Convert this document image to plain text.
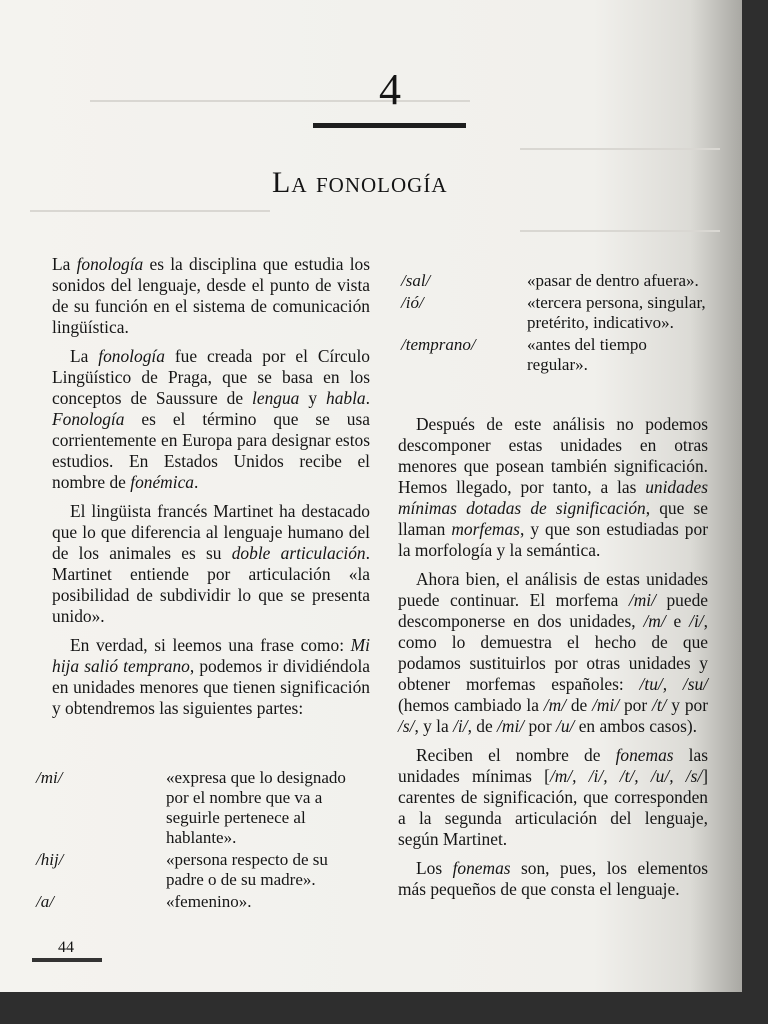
4
La fonología

La fonología es la disciplina que estudia los sonidos del lenguaje, desde el punto de vista de su función en el sistema de comunicación lingüística.

La fonología fue creada por el Círculo Lingüístico de Praga, que se basa en los conceptos de Saussure de lengua y habla. Fonología es el término que se usa corrientemente en Europa para designar estos estudios. En Estados Unidos recibe el nombre de fonémica.

El lingüista francés Martinet ha destacado que lo que diferencia al lenguaje humano del de los animales es su doble articulación. Martinet entiende por articulación «la posibilidad de subdividir lo que se presenta unido».

En verdad, si leemos una frase como: Mi hija salió temprano, podemos ir dividiéndola en unidades menores que tienen significación y obtendremos las siguientes partes:

/mi/	«expresa que lo designado por el nombre que va a seguirle pertenece al hablante».
/hij/	«persona respecto de su padre o de su madre».
/a/	«femenino».
/sal/	«pasar de dentro afuera».
/ió/	«tercera persona, singular, pretérito, indicativo».
/temprano/	«antes del tiempo regular».

Después de este análisis no podemos descomponer estas unidades en otras menores que posean también significación. Hemos llegado, por tanto, a las unidades mínimas dotadas de significación, que se llaman morfemas, y que son estudiadas por la morfología y la semántica.

Ahora bien, el análisis de estas unidades puede continuar. El morfema /mi/ puede descomponerse en dos unidades, /m/ e /i/, como lo demuestra el hecho de que podamos sustituirlos por otras unidades y obtener morfemas españoles: /tu/, /su/ (hemos cambiado la /m/ de /mi/ por /t/ y por /s/, y la /i/, de /mi/ por /u/ en ambos casos).

Reciben el nombre de fonemas las unidades mínimas [/m/, /i/, /t/, /u/, /s/] carentes de significación, que corresponden a la segunda articulación del lenguaje, según Martinet.

Los fonemas son, pues, los elementos más pequeños de que consta el lenguaje.

44
